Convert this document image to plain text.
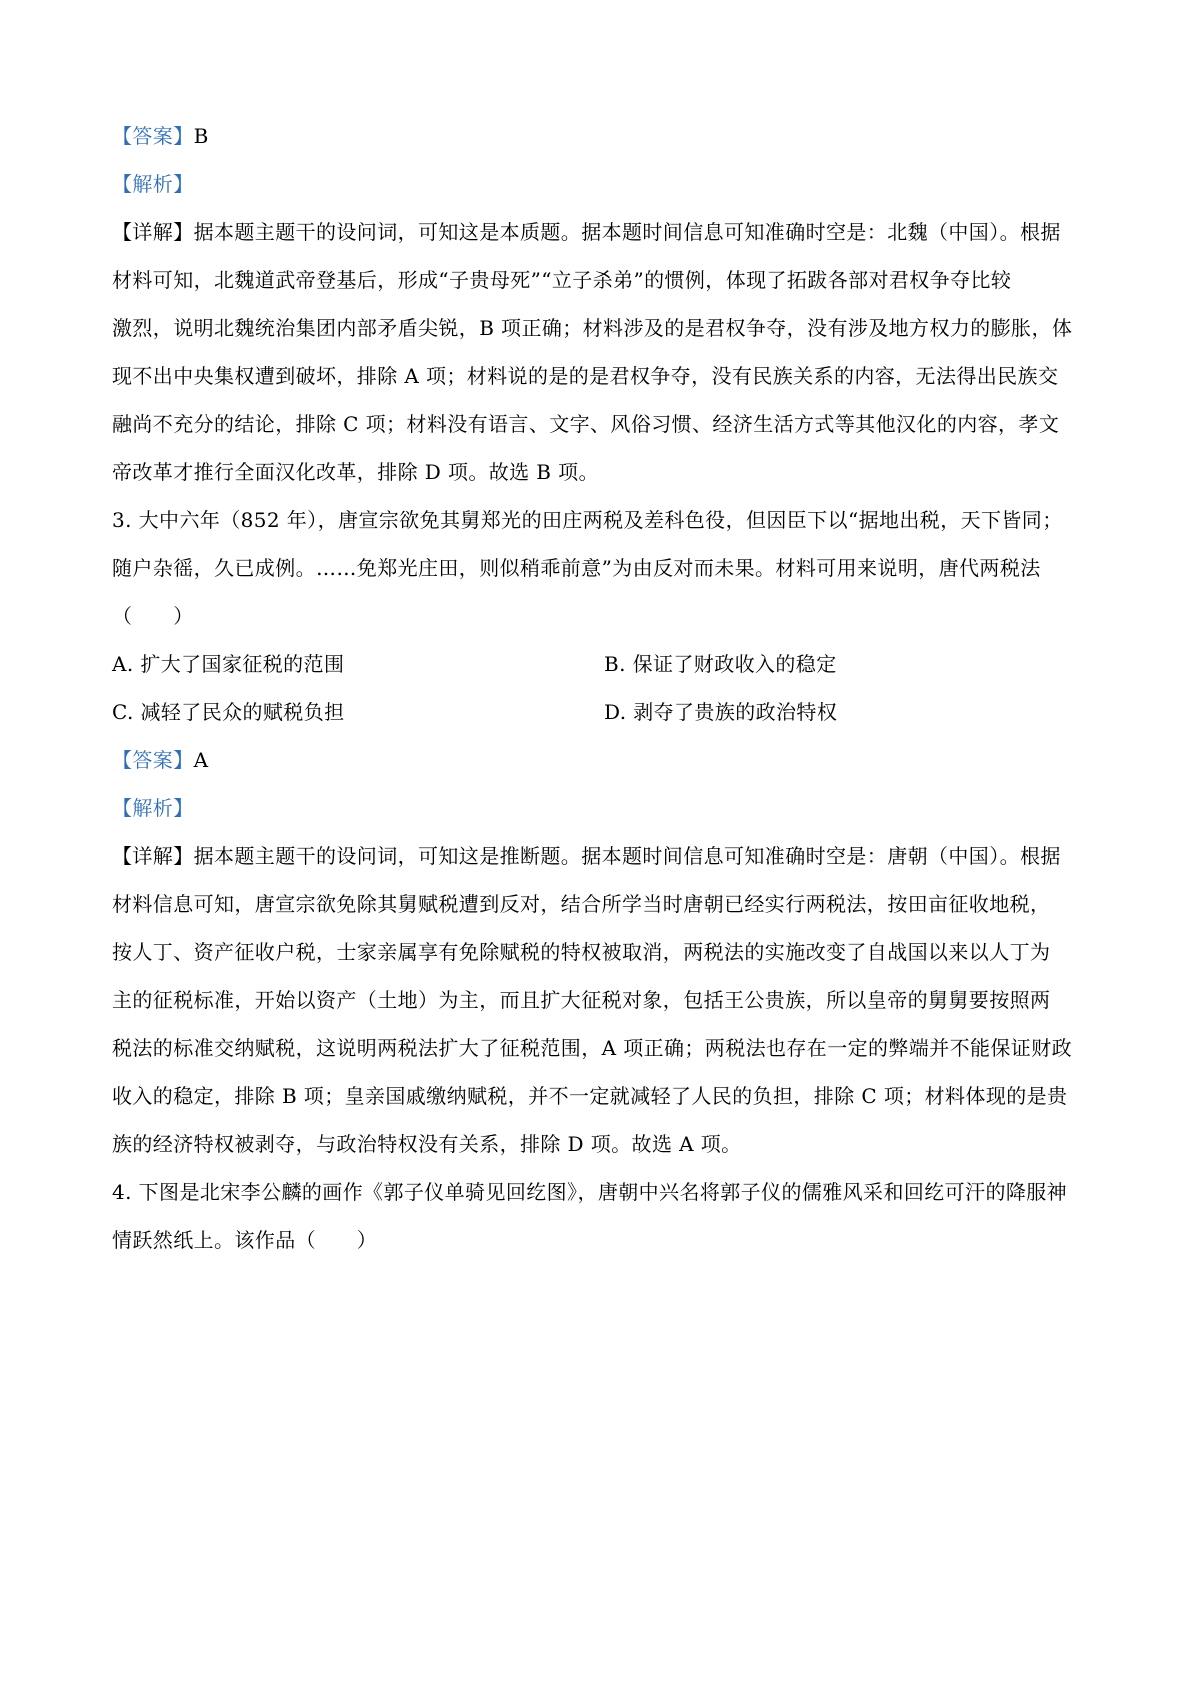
【答案】B
【解析】
【详解】据本题主题干的设问词，可知这是本质题。据本题时间信息可知准确时空是：北魏（中国）。根据
材料可知，北魏道武帝登基后，形成“子贵母死”“立子杀弟”的惯例，体现了拓跋各部对君权争夺比较
激烈，说明北魏统治集团内部矛盾尖锐，B 项正确；材料涉及的是君权争夺，没有涉及地方权力的膨胀，体
现不出中央集权遭到破坏，排除 A 项；材料说的是的是君权争夺，没有民族关系的内容，无法得出民族交
融尚不充分的结论，排除 C 项；材料没有语言、文字、风俗习惯、经济生活方式等其他汉化的内容，孝文
帝改革才推行全面汉化改革，排除 D 项。故选 B 项。
3. 大中六年（852 年），唐宣宗欲免其舅郑光的田庄两税及差科色役，但因臣下以“据地出税，天下皆同；
随户杂徭，久已成例。……免郑光庄田，则似稍乖前意”为由反对而未果。材料可用来说明，唐代两税法
（　　）
A. 扩大了国家征税的范围	B. 保证了财政收入的稳定
C. 减轻了民众的赋税负担	D. 剥夺了贵族的政治特权
【答案】A
【解析】
【详解】据本题主题干的设问词，可知这是推断题。据本题时间信息可知准确时空是：唐朝（中国）。根据
材料信息可知，唐宣宗欲免除其舅赋税遭到反对，结合所学当时唐朝已经实行两税法，按田亩征收地税，
按人丁、资产征收户税，士家亲属享有免除赋税的特权被取消，两税法的实施改变了自战国以来以人丁为
主的征税标准，开始以资产（土地）为主，而且扩大征税对象，包括王公贵族，所以皇帝的舅舅要按照两
税法的标准交纳赋税，这说明两税法扩大了征税范围，A 项正确；两税法也存在一定的弊端并不能保证财政
收入的稳定，排除 B 项；皇亲国戚缴纳赋税，并不一定就减轻了人民的负担，排除 C 项；材料体现的是贵
族的经济特权被剥夺，与政治特权没有关系，排除 D 项。故选 A 项。
4. 下图是北宋李公麟的画作《郭子仪单骑见回纥图》，唐朝中兴名将郭子仪的儒雅风采和回纥可汗的降服神
情跃然纸上。该作品（　　）
